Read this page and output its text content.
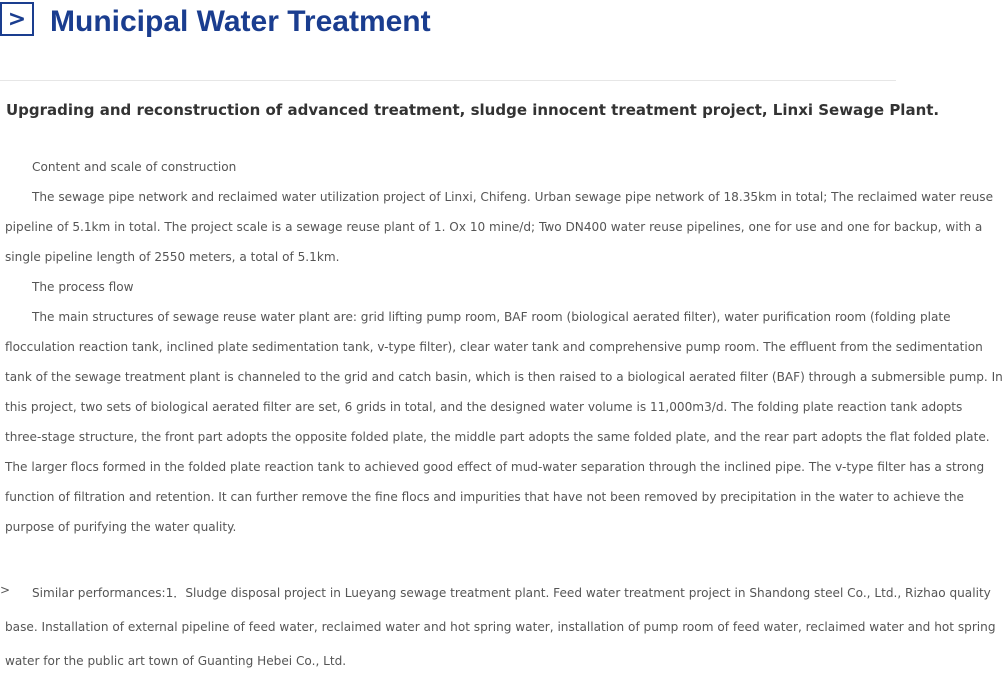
> Municipal Water Treatment
Upgrading and reconstruction of advanced treatment, sludge innocent treatment project, Linxi Sewage Plant.
Content and scale of construction
The sewage pipe network and reclaimed water utilization project of Linxi, Chifeng. Urban sewage pipe network of 18.35km in total; The reclaimed water reuse
pipeline of 5.1km in total. The project scale is a sewage reuse plant of 1. Ox 10 mine/d; Two DN400 water reuse pipelines, one for use and one for backup, with a
single pipeline length of 2550 meters, a total of 5.1km.
The process flow
The main structures of sewage reuse water plant are: grid lifting pump room, BAF room (biological aerated filter), water purification room (folding plate
flocculation reaction tank, inclined plate sedimentation tank, v-type filter), clear water tank and comprehensive pump room. The effluent from the sedimentation
tank of the sewage treatment plant is channeled to the grid and catch basin, which is then raised to a biological aerated filter (BAF) through a submersible pump. In
this project, two sets of biological aerated filter are set, 6 grids in total, and the designed water volume is 11,000m3/d. The folding plate reaction tank adopts
three-stage structure, the front part adopts the opposite folded plate, the middle part adopts the same folded plate, and the rear part adopts the flat folded plate.
The larger flocs formed in the folded plate reaction tank to achieved good effect of mud-water separation through the inclined pipe. The v-type filter has a strong
function of filtration and retention. It can further remove the fine flocs and impurities that have not been removed by precipitation in the water to achieve the
purpose of purifying the water quality.
>	Similar performances:1．Sludge disposal project in Lueyang sewage treatment plant. Feed water treatment project in Shandong steel Co., Ltd., Rizhao quality
base. Installation of external pipeline of feed water, reclaimed water and hot spring water, installation of pump room of feed water, reclaimed water and hot spring
water for the public art town of Guanting Hebei Co., Ltd.
